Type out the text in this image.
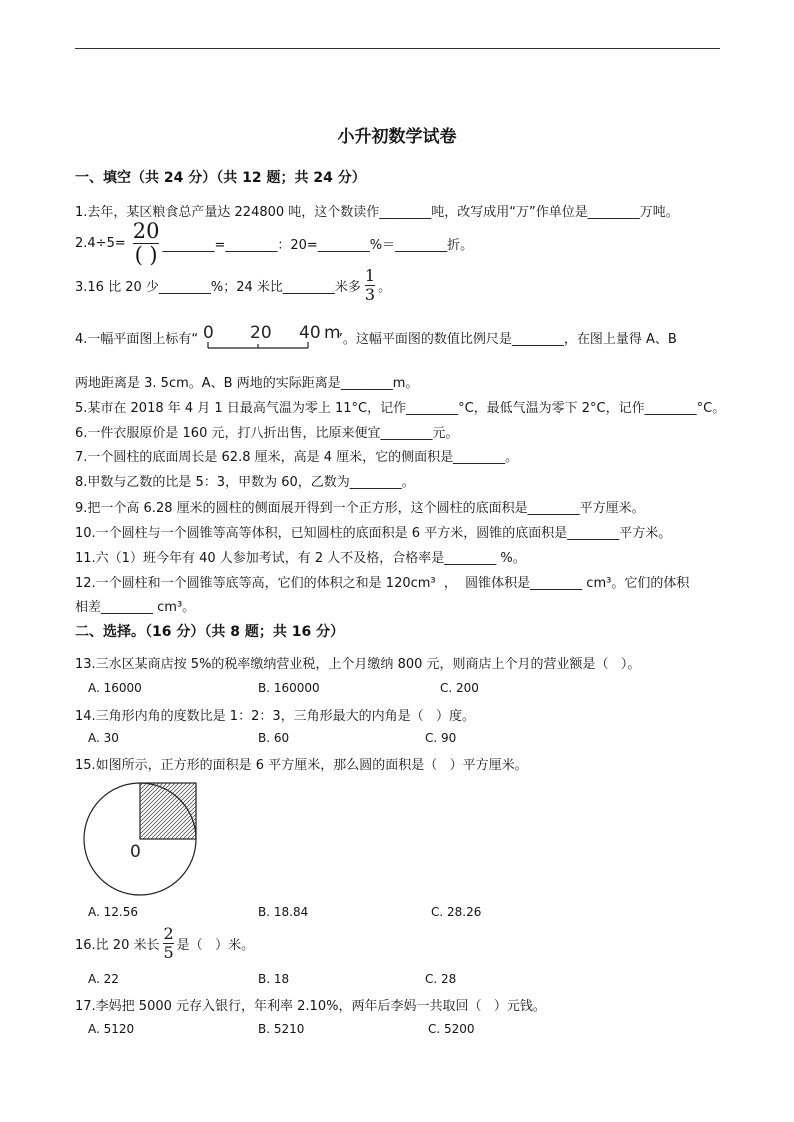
小升初数学试卷
一、填空（共 24 分）（共 12 题；共 24 分）
1.去年，某区粮食总产量达 224800 吨，这个数读作________吨，改写成用“万”作单位是________万吨。
$2.4\div 5= \frac{20}{( )}$ ________=________：20=________%＝________折。
3.16 比 20 少________%；24 米比________米多 $\frac{1}{3}$ 。
4.一幅平面图上标有“ 0 20 40 m
”。这幅平面图的数值比例尺是________，在图上量得 A、B
两地距离是 3. 5cm。A、B 两地的实际距离是________m。
5.某市在 2018 年 4 月 1 日最高气温为零上 11°C，记作________°C，最低气温为零下 2°C，记作________°C。
6.一件衣服原价是 160 元，打八折出售，比原来便宜________元。
7.一个圆柱的底面周长是 62.8 厘米，高是 4 厘米，它的侧面积是________。
8.甲数与乙数的比是 5：3，甲数为 60，乙数为________。
9.把一个高 6.28 厘米的圆柱的侧面展开得到一个正方形，这个圆柱的底面积是________平方厘米。
10.一个圆柱与一个圆锥等高等体积，已知圆柱的底面积是 6 平方米，圆锥的底面积是________平方米。
11.六（1）班今年有 40 人参加考试，有 2 人不及格，合格率是________ %。
12.一个圆柱和一个圆锥等底等高，它们的体积之和是 120cm³  ，  圆锥体积是________ cm³。它们的体积
相差________ cm³。
二、选择。（16 分）（共 8 题；共 16 分）
13.三水区某商店按 5%的税率缴纳营业税，上个月缴纳 800 元，则商店上个月的营业额是（   ）。
A. 16000	B. 160000	C. 200
14.三角形内角的度数比是 1：2：3，三角形最大的内角是（   ）度。
A. 30	B. 60	C. 90
15.如图所示，正方形的面积是 6 平方厘米，那么圆的面积是（   ）平方厘米。
0
A. 12.56	B. 18.84	C. 28.26
16.比 20 米长 $\frac{2}{5}$ 是（   ）米。
A. 22	B. 18	C. 28
17.李妈把 5000 元存入银行，年利率 2.10%，两年后李妈一共取回（   ）元钱。
A. 5120	B. 5210	C. 5200
